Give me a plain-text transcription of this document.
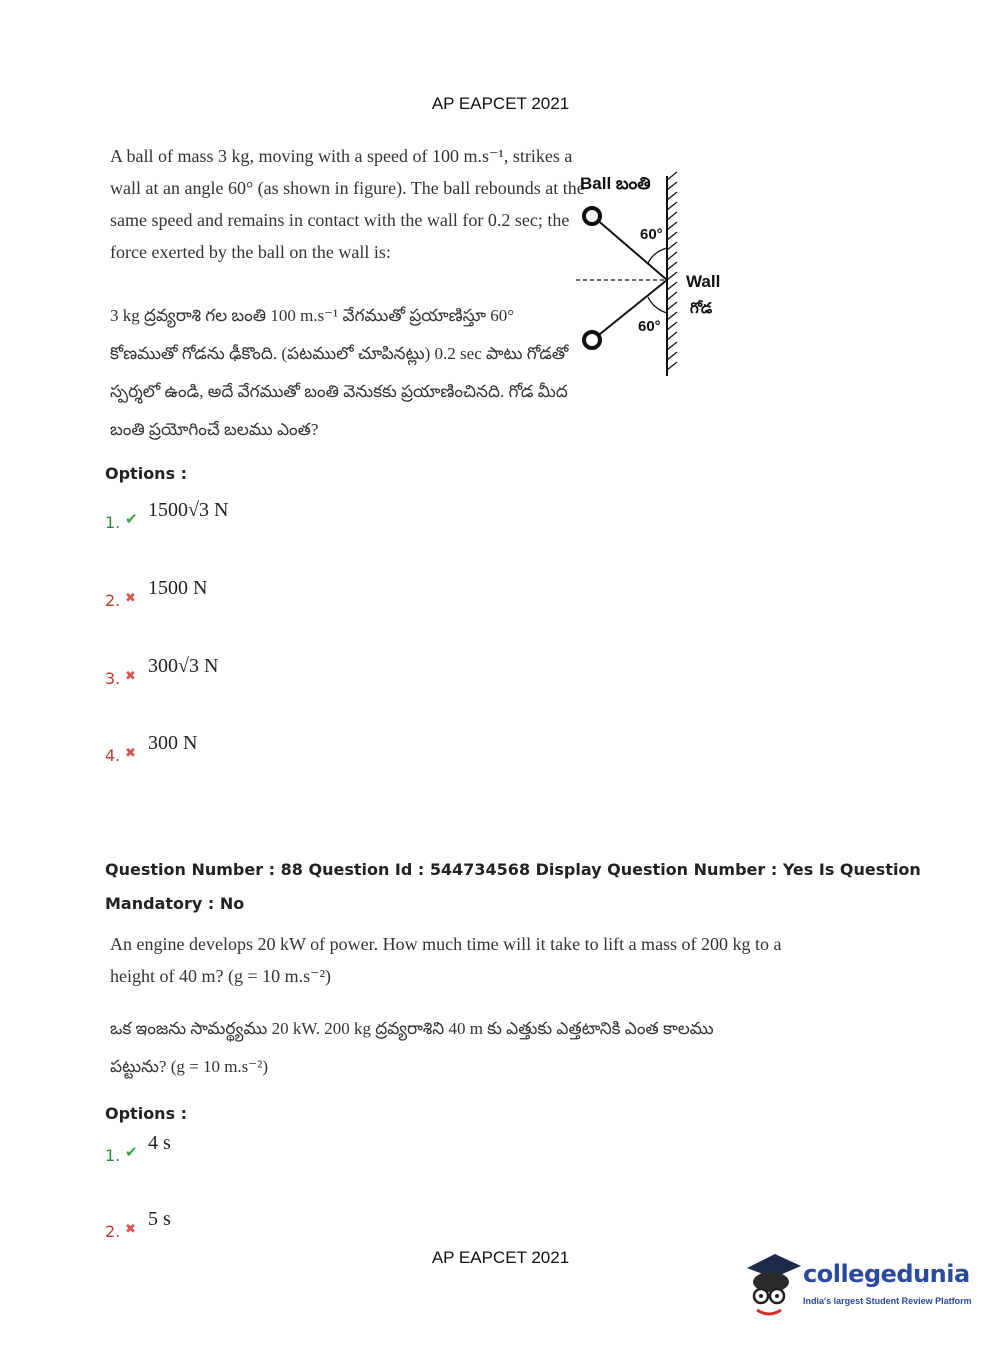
AP EAPCET 2021
A ball of mass 3 kg, moving with a speed of 100 m.s⁻¹, strikes a
wall at an angle 60° (as shown in figure). The ball rebounds at the
same speed and remains in contact with the wall for 0.2 sec; the
force exerted by the ball on the wall is:
3 kg ద్రవ్యరాశి గల బంతి 100 m.s⁻¹ వేగముతో ప్రయాణిస్తూ 60°
కోణముతో గోడను ఢీకొంది. (పటములో చూపినట్లు) 0.2 sec పాటు గోడతో
స్పర్శలో ఉండి, అదే వేగముతో బంతి వెనుకకు ప్రయాణించినది. గోడ మీద
బంతి ప్రయోగించే బలము ఎంత?
Ball బంతి
60°
60°
Wall
గోడ
Options :
1. ✔ 1500√3 N
2. ✖ 1500 N
3. ✖ 300√3 N
4. ✖ 300 N
Question Number : 88 Question Id : 544734568 Display Question Number : Yes Is Question
Mandatory : No
An engine develops 20 kW of power. How much time will it take to lift a mass of 200 kg to a
height of 40 m? (g = 10 m.s⁻²)
ఒక ఇంజను సామర్థ్యము 20 kW. 200 kg ద్రవ్యరాశిని 40 m కు ఎత్తుకు ఎత్తటానికి ఎంత కాలము
పట్టును? (g = 10 m.s⁻²)
Options :
1. ✔ 4 s
2. ✖ 5 s
AP EAPCET 2021
collegedunia
India's largest Student Review Platform
